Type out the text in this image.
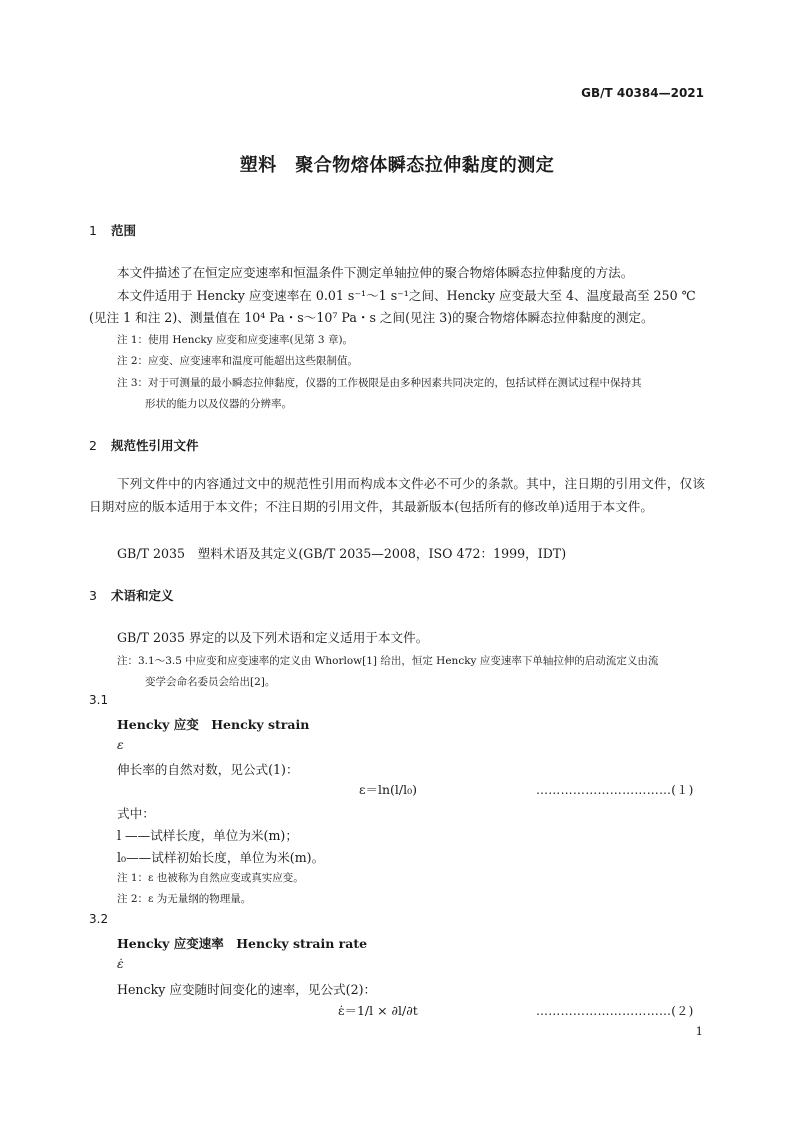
GB/T 40384—2021
塑料　聚合物熔体瞬态拉伸黏度的测定
1 范围
本文件描述了在恒定应变速率和恒温条件下测定单轴拉伸的聚合物熔体瞬态拉伸黏度的方法。
本文件适用于 Hencky 应变速率在 0.01 s⁻¹～1 s⁻¹之间、Hencky 应变最大至 4、温度最高至 250 ℃
(见注 1 和注 2)、测量值在 10⁴ Pa・s～10⁷ Pa・s 之间(见注 3)的聚合物熔体瞬态拉伸黏度的测定。
注 1：使用 Hencky 应变和应变速率(见第 3 章)。
注 2：应变、应变速率和温度可能超出这些限制值。
注 3：对于可测量的最小瞬态拉伸黏度，仪器的工作极限是由多种因素共同决定的，包括试样在测试过程中保持其
形状的能力以及仪器的分辨率。
2 规范性引用文件
下列文件中的内容通过文中的规范性引用而构成本文件必不可少的条款。其中，注日期的引用文件，仅该日期对应的版本适用于本文件；不注日期的引用文件，其最新版本(包括所有的修改单)适用于本文件。
GB/T 2035　塑料术语及其定义(GB/T 2035—2008，ISO 472：1999，IDT)
3 术语和定义
GB/T 2035 界定的以及下列术语和定义适用于本文件。
注：3.1～3.5 中应变和应变速率的定义由 Whorlow[1] 给出，恒定 Hencky 应变速率下单轴拉伸的启动流定义由流
变学会命名委员会给出[2]。
3.1
Hencky 应变　Hencky strain
ε
伸长率的自然对数，见公式(1)：
ε＝ln(l/l₀)	……………………………(１)
式中：
l ——试样长度，单位为米(m)；
l₀——试样初始长度，单位为米(m)。
注 1：ε 也被称为自然应变或真实应变。
注 2：ε 为无量纲的物理量。
3.2
Hencky 应变速率　Hencky strain rate
ε̇
Hencky 应变随时间变化的速率，见公式(2)：
ε̇＝1/l × ∂l/∂t	……………………………(２)
1
